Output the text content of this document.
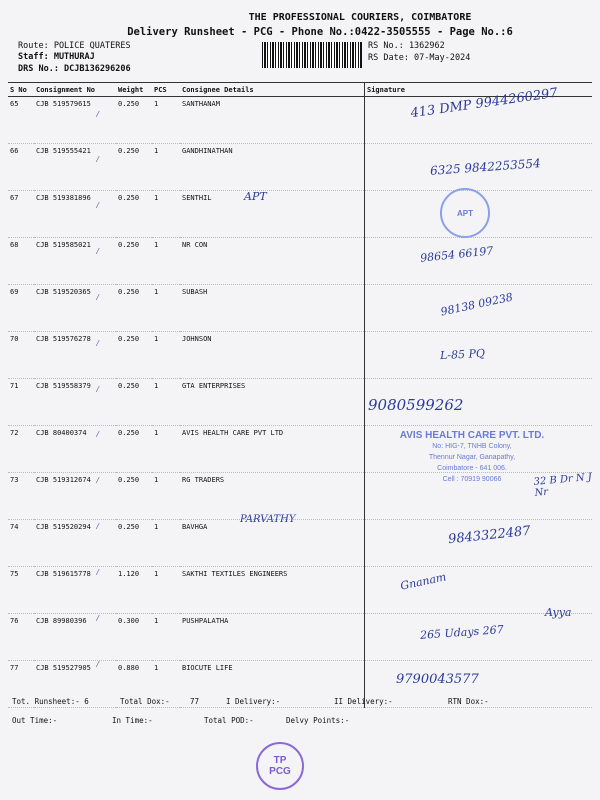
THE PROFESSIONAL COURIERS, COIMBATORE
Delivery Runsheet - PCG - Phone No.:0422-3505555 - Page No.:6
Route: POLICE QUATERES
Staff: MUTHURAJ
DRS No.: DCJB136296206
RS No.: 1362962
RS Date: 07-May-2024
S No	Consignment No	Weight	PCS	Consignee Details	Signature
65	CJB 519579615	0.250	1	SANTHANAM	
66	CJB 519555421	0.250	1	GANDHINATHAN	
67	CJB 519381896	0.250	1	SENTHIL	
68	CJB 519585021	0.250	1	NR CON	
69	CJB 519520365	0.250	1	SUBASH	
70	CJB 519576278	0.250	1	JOHNSON	
71	CJB 519558379	0.250	1	GTA ENTERPRISES	
72	CJB 80400374	0.250	1	AVIS HEALTH CARE PVT LTD	
73	CJB 519312674	0.250	1	RG TRADERS	
74	CJB 519520294	0.250	1	BAVHGA	
75	CJB 519615778	1.120	1	SAKTHI TEXTILES ENGINEERS	
76	CJB 89980396	0.300	1	PUSHPALATHA	
77	CJB 519527905	0.880	1	BIOCUTE LIFE	
413 DMP 9944260297
6325 9842253554
APT
98654 66197
98138 09238
L-85 PQ
9080599262
32 B Dr N J Nr
PARVATHY
9843322487
Gnanam
Ayya
265 Udays 267
9790043577
⁄
⁄
⁄
⁄
⁄
⁄
⁄
⁄
⁄
⁄
⁄
⁄
⁄
APT
AVIS HEALTH CARE PVT. LTD.
No: HIG-7, TNHB Colony,
Thennur Nagar, Ganapathy,
Coimbatore - 641 006.
Cell : 70919 90066
TP
PCG
Tot. Runsheet:- 6	Total Dox:-	77	I Delivery:-	II Delivery:-	RTN Dox:-
Out Time:-	In Time:-	Total POD:-	Delvy Points:-
